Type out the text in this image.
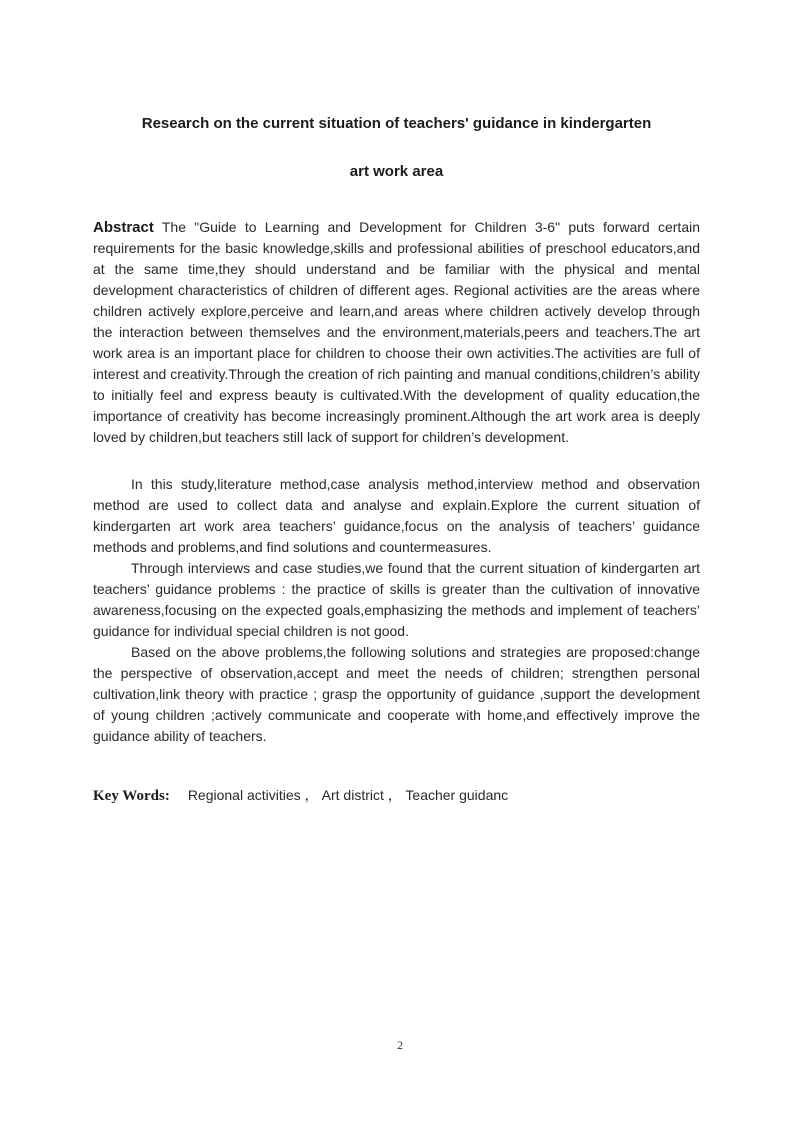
Research on the current situation of teachers' guidance in kindergarten
art work area

Abstract The "Guide to Learning and Development for Children 3-6" puts forward certain requirements for the basic knowledge,skills and professional abilities of preschool educators,and at the same time,they should understand and be familiar with the physical and mental development characteristics of children of different ages. Regional activities are the areas where children actively explore,perceive and learn,and areas where children actively develop through the interaction between themselves and the environment,materials,peers and teachers.The art work area is an important place for children to choose their own activities.The activities are full of interest and creativity.Through the creation of rich painting and manual conditions,children’s ability to initially feel and express beauty is cultivated.With the development of quality education,the importance of creativity has become increasingly prominent.Although the art work area is deeply loved by children,but teachers still lack of support for children’s development.

In this study,literature method,case analysis method,interview method and observation method are used to collect data and analyse and explain.Explore the current situation of kindergarten art work area teachers’ guidance,focus on the analysis of teachers’ guidance methods and problems,and find solutions and countermeasures.

Through interviews and case studies,we found that the current situation of kindergarten art teachers’ guidance problems : the practice of skills is greater than the cultivation of innovative awareness,focusing on the expected goals,emphasizing the methods and implement of teachers’ guidance for individual special children is not good.

Based on the above problems,the following solutions and strategies are proposed:change the perspective of observation,accept and meet the needs of children; strengthen personal cultivation,link theory with practice ; grasp the opportunity of guidance ,support the development of young children ;actively communicate and cooperate with home,and effectively improve the guidance ability of teachers.

Key Words: Regional activities ， Art district ， Teacher guidanc

2
